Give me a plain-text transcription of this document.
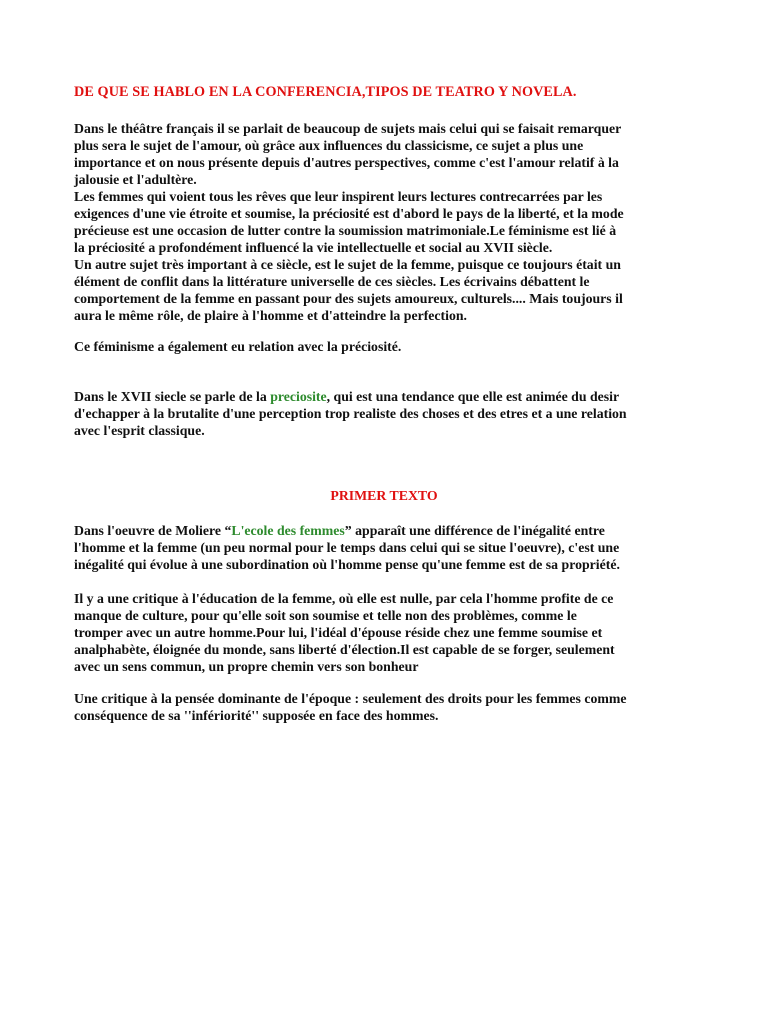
DE QUE SE HABLO EN LA CONFERENCIA,TIPOS DE TEATRO Y NOVELA.
Dans le théâtre français il se parlait de beaucoup de sujets mais celui qui se faisait remarquer
plus sera le sujet de l'amour, où grâce aux influences du classicisme, ce sujet a plus une
importance et on nous présente depuis d'autres perspectives, comme c'est l'amour relatif à la
jalousie et l'adultère.
Les femmes qui voient tous les rêves que leur inspirent leurs lectures contrecarrées par les
exigences d'une vie étroite et soumise, la préciosité est d'abord le pays de la liberté, et la mode
précieuse est une occasion de lutter contre la soumission matrimoniale.Le féminisme est lié à
la préciosité a profondément influencé la vie intellectuelle et social au XVII siècle.
Un autre sujet très important à ce siècle, est le sujet de la femme, puisque ce toujours était un
élément de conflit dans la littérature universelle de ces siècles. Les écrivains débattent le
comportement de la femme en passant pour des sujets amoureux, culturels.... Mais toujours il
aura le même rôle, de plaire à l'homme et d'atteindre la perfection.

Ce féminisme a également eu relation avec la préciosité.

Dans le XVII siecle se parle de la preciosite, qui est una tendance que elle est animée du desir
d'echapper à la brutalite d'une perception trop realiste des choses et des etres et a une relation
avec l'esprit classique.
PRIMER TEXTO
Dans l'oeuvre de Moliere “L'ecole des femmes” apparaît une différence de l'inégalité entre
l'homme et la femme (un peu normal pour le temps dans celui qui se situe l'oeuvre), c'est une
inégalité qui évolue à une subordination où l'homme pense qu'une femme est de sa propriété.
Il y a une critique à l'éducation de la femme, où elle est nulle, par cela l'homme profite de ce
manque de culture, pour qu'elle soit son soumise et telle non des problèmes, comme le
tromper avec un autre homme.Pour lui, l'idéal d'épouse réside chez une femme soumise et
analphabète, éloignée du monde, sans liberté d'élection.Il est capable de se forger, seulement
avec un sens commun, un propre chemin vers son bonheur
Une critique à la pensée dominante de l'époque : seulement des droits pour les femmes comme
conséquence de sa ''infériorité'' supposée en face des hommes.
